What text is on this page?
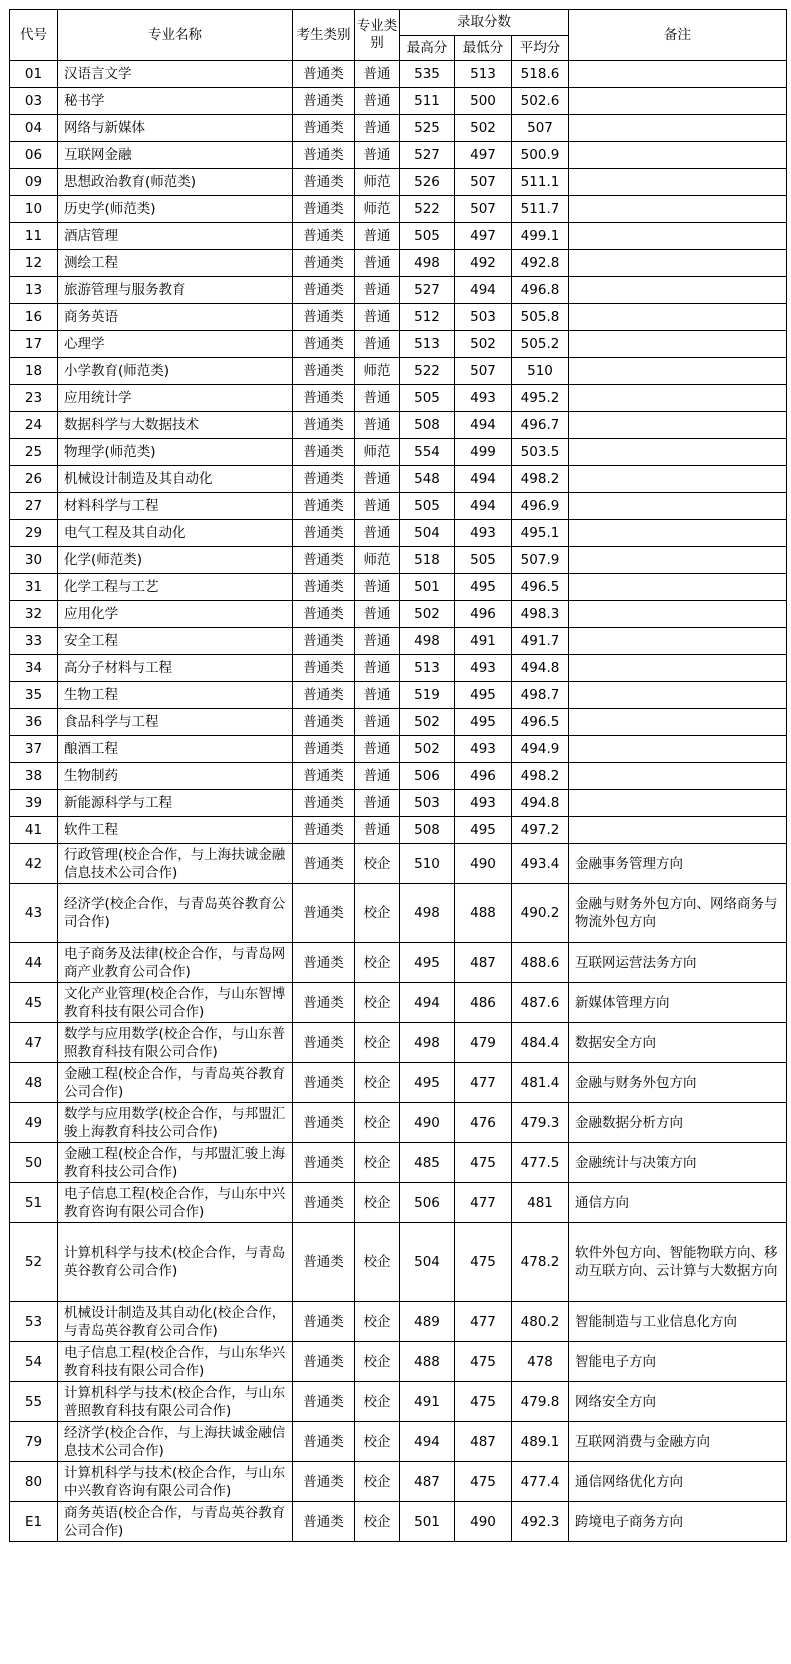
代号	专业名称	考生类别	专业类别	录取分数			备注
				最高分	最低分	平均分	
01	汉语言文学	普通类	普通	535	513	518.6	
03	秘书学	普通类	普通	511	500	502.6	
04	网络与新媒体	普通类	普通	525	502	507	
06	互联网金融	普通类	普通	527	497	500.9	
09	思想政治教育(师范类)	普通类	师范	526	507	511.1	
10	历史学(师范类)	普通类	师范	522	507	511.7	
11	酒店管理	普通类	普通	505	497	499.1	
12	测绘工程	普通类	普通	498	492	492.8	
13	旅游管理与服务教育	普通类	普通	527	494	496.8	
16	商务英语	普通类	普通	512	503	505.8	
17	心理学	普通类	普通	513	502	505.2	
18	小学教育(师范类)	普通类	师范	522	507	510	
23	应用统计学	普通类	普通	505	493	495.2	
24	数据科学与大数据技术	普通类	普通	508	494	496.7	
25	物理学(师范类)	普通类	师范	554	499	503.5	
26	机械设计制造及其自动化	普通类	普通	548	494	498.2	
27	材料科学与工程	普通类	普通	505	494	496.9	
29	电气工程及其自动化	普通类	普通	504	493	495.1	
30	化学(师范类)	普通类	师范	518	505	507.9	
31	化学工程与工艺	普通类	普通	501	495	496.5	
32	应用化学	普通类	普通	502	496	498.3	
33	安全工程	普通类	普通	498	491	491.7	
34	高分子材料与工程	普通类	普通	513	493	494.8	
35	生物工程	普通类	普通	519	495	498.7	
36	食品科学与工程	普通类	普通	502	495	496.5	
37	酿酒工程	普通类	普通	502	493	494.9	
38	生物制药	普通类	普通	506	496	498.2	
39	新能源科学与工程	普通类	普通	503	493	494.8	
41	软件工程	普通类	普通	508	495	497.2	
42	行政管理(校企合作，与上海扶诚金融信息技术公司合作)	普通类	校企	510	490	493.4	金融事务管理方向
43	经济学(校企合作，与青岛英谷教育公司合作)	普通类	校企	498	488	490.2	金融与财务外包方向、网络商务与物流外包方向
44	电子商务及法律(校企合作，与青岛网商产业教育公司合作)	普通类	校企	495	487	488.6	互联网运营法务方向
45	文化产业管理(校企合作，与山东智博教育科技有限公司合作)	普通类	校企	494	486	487.6	新媒体管理方向
47	数学与应用数学(校企合作，与山东普照教育科技有限公司合作)	普通类	校企	498	479	484.4	数据安全方向
48	金融工程(校企合作，与青岛英谷教育公司合作)	普通类	校企	495	477	481.4	金融与财务外包方向
49	数学与应用数学(校企合作，与邦盟汇骏上海教育科技公司合作)	普通类	校企	490	476	479.3	金融数据分析方向
50	金融工程(校企合作，与邦盟汇骏上海教育科技公司合作)	普通类	校企	485	475	477.5	金融统计与决策方向
51	电子信息工程(校企合作，与山东中兴教育咨询有限公司合作)	普通类	校企	506	477	481	通信方向
52	计算机科学与技术(校企合作，与青岛英谷教育公司合作)	普通类	校企	504	475	478.2	软件外包方向、智能物联方向、移动互联方向、云计算与大数据方向
53	机械设计制造及其自动化(校企合作，与青岛英谷教育公司合作)	普通类	校企	489	477	480.2	智能制造与工业信息化方向
54	电子信息工程(校企合作，与山东华兴教育科技有限公司合作)	普通类	校企	488	475	478	智能电子方向
55	计算机科学与技术(校企合作，与山东普照教育科技有限公司合作)	普通类	校企	491	475	479.8	网络安全方向
79	经济学(校企合作，与上海扶诚金融信息技术公司合作)	普通类	校企	494	487	489.1	互联网消费与金融方向
80	计算机科学与技术(校企合作，与山东中兴教育咨询有限公司合作)	普通类	校企	487	475	477.4	通信网络优化方向
E1	商务英语(校企合作，与青岛英谷教育公司合作)	普通类	校企	501	490	492.3	跨境电子商务方向
